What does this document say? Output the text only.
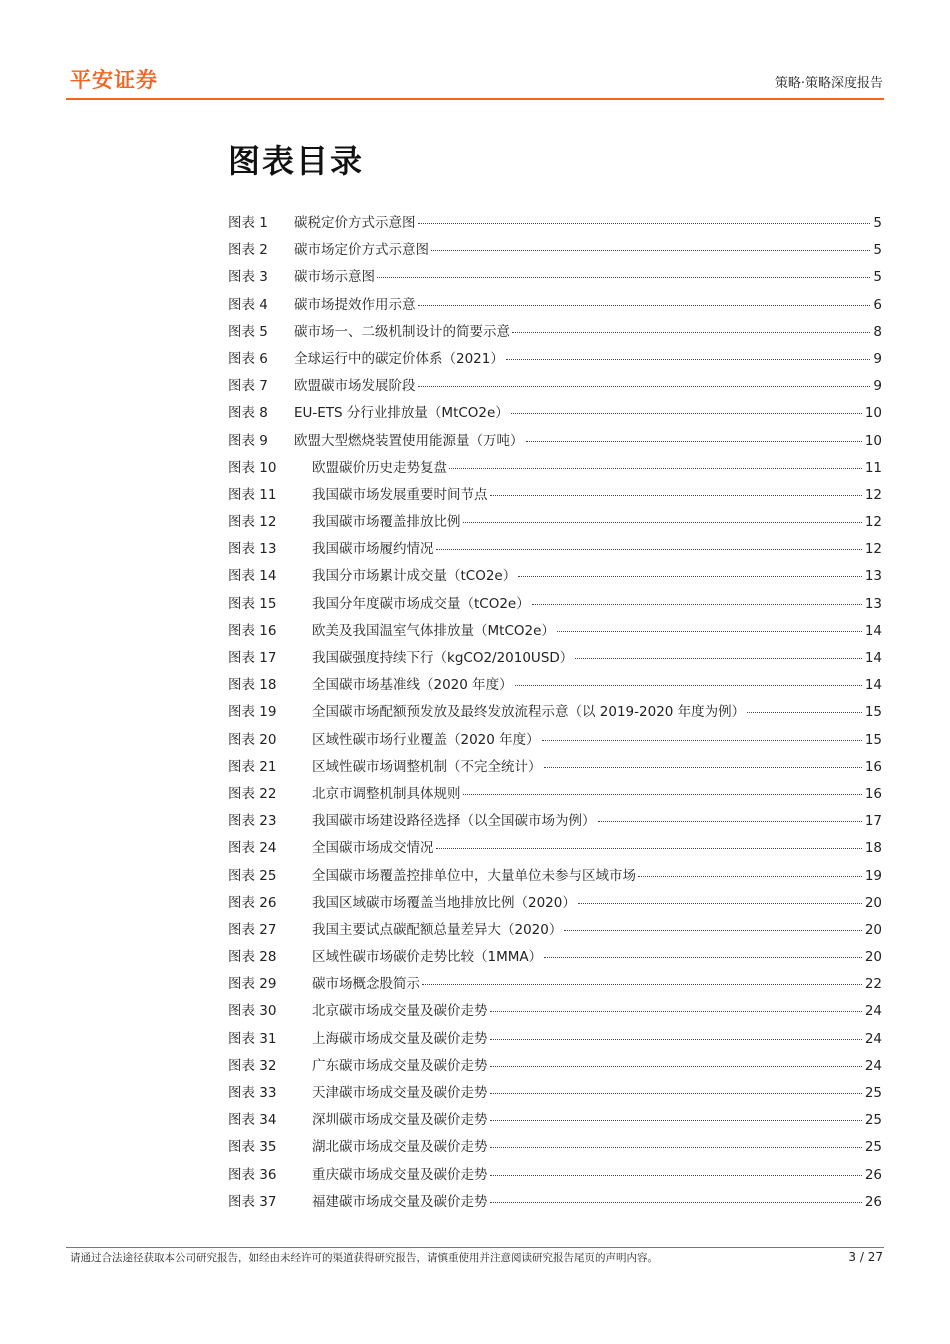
平安证券	策略·策略深度报告
图表目录
图表 1	碳税定价方式示意图	5
图表 2	碳市场定价方式示意图	5
图表 3	碳市场示意图	5
图表 4	碳市场提效作用示意	6
图表 5	碳市场一、二级机制设计的简要示意	8
图表 6	全球运行中的碳定价体系（2021）	9
图表 7	欧盟碳市场发展阶段	9
图表 8	EU-ETS 分行业排放量（MtCO2e）	10
图表 9	欧盟大型燃烧装置使用能源量（万吨）	10
图表 10	欧盟碳价历史走势复盘	11
图表 11	我国碳市场发展重要时间节点	12
图表 12	我国碳市场覆盖排放比例	12
图表 13	我国碳市场履约情况	12
图表 14	我国分市场累计成交量（tCO2e）	13
图表 15	我国分年度碳市场成交量（tCO2e）	13
图表 16	欧美及我国温室气体排放量（MtCO2e）	14
图表 17	我国碳强度持续下行（kgCO2/2010USD）	14
图表 18	全国碳市场基准线（2020 年度）	14
图表 19	全国碳市场配额预发放及最终发放流程示意（以 2019-2020 年度为例）	15
图表 20	区域性碳市场行业覆盖（2020 年度）	15
图表 21	区域性碳市场调整机制（不完全统计）	16
图表 22	北京市调整机制具体规则	16
图表 23	我国碳市场建设路径选择（以全国碳市场为例）	17
图表 24	全国碳市场成交情况	18
图表 25	全国碳市场覆盖控排单位中，大量单位未参与区域市场	19
图表 26	我国区域碳市场覆盖当地排放比例（2020）	20
图表 27	我国主要试点碳配额总量差异大（2020）	20
图表 28	区域性碳市场碳价走势比较（1MMA）	20
图表 29	碳市场概念股简示	22
图表 30	北京碳市场成交量及碳价走势	24
图表 31	上海碳市场成交量及碳价走势	24
图表 32	广东碳市场成交量及碳价走势	24
图表 33	天津碳市场成交量及碳价走势	25
图表 34	深圳碳市场成交量及碳价走势	25
图表 35	湖北碳市场成交量及碳价走势	25
图表 36	重庆碳市场成交量及碳价走势	26
图表 37	福建碳市场成交量及碳价走势	26
请通过合法途径获取本公司研究报告，如经由未经许可的渠道获得研究报告，请慎重使用并注意阅读研究报告尾页的声明内容。	3 / 27
